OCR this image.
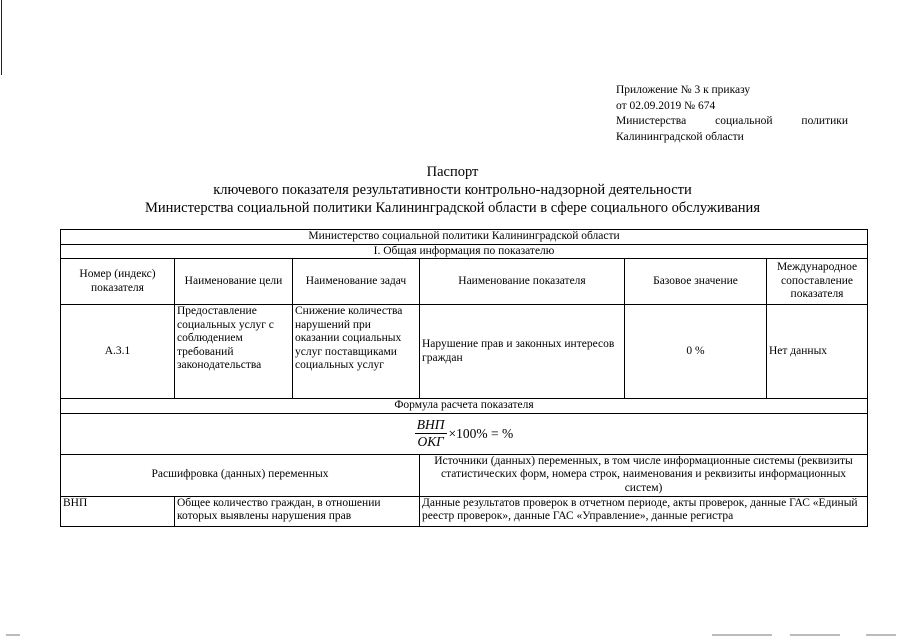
Приложение № 3 к приказу
от 02.09.2019 № 674
Министерства	социальной	политики
Калининградской области
Паспорт
ключевого показателя результативности контрольно-надзорной деятельности
Министерства социальной политики Калининградской области в сфере социального обслуживания
Министерство социальной политики Калининградской области					
I. Общая информация по показателю					
Номер (индекс) показателя	Наименование цели	Наименование задач	Наименование показателя	Базовое значение	Международное сопоставление показателя
А.3.1	Предоставление социальных услуг с соблюдением требований законодательства	Снижение количества нарушений при оказании социальных услуг поставщиками социальных услуг	Нарушение прав и законных интересов граждан	0 %	Нет данных
Формула расчета показателя					

$\frac{\text{ВНП}}{\text{ОКГ}} \times 100\%$ = %					

Расшифровка (данных) переменных			Источники (данных) переменных, в том числе информационные системы (реквизиты статистических форм, номера строк, наименования и реквизиты информационных систем)		
ВНП	Общее количество граждан, в отношении которых выявлены нарушения прав		Данные результатов проверок в отчетном периоде, акты проверок, данные ГАС «Единый реестр проверок», данные ГАС «Управление», данные регистра		
